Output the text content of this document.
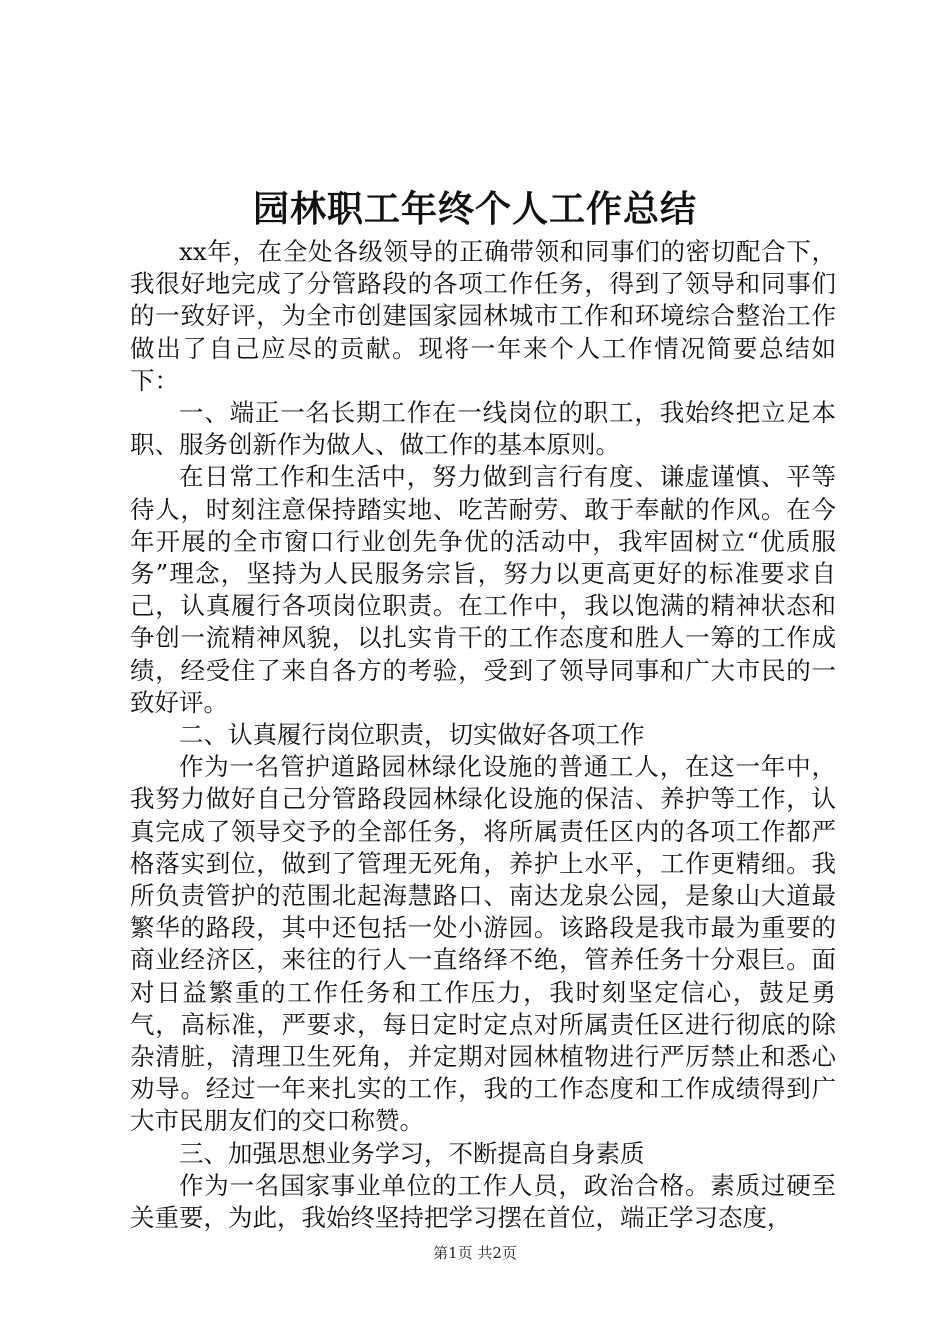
园林职工年终个人工作总结

xx年，在全处各级领导的正确带领和同事们的密切配合下，我很好地完成了分管路段的各项工作任务，得到了领导和同事们的一致好评，为全市创建国家园林城市工作和环境综合整治工作做出了自己应尽的贡献。现将一年来个人工作情况简要总结如下：

一、端正一名长期工作在一线岗位的职工，我始终把立足本职、服务创新作为做人、做工作的基本原则。

在日常工作和生活中，努力做到言行有度、谦虚谨慎、平等待人，时刻注意保持踏实地、吃苦耐劳、敢于奉献的作风。在今年开展的全市窗口行业创先争优的活动中，我牢固树立“优质服务”理念，坚持为人民服务宗旨，努力以更高更好的标准要求自己，认真履行各项岗位职责。在工作中，我以饱满的精神状态和争创一流精神风貌，以扎实肯干的工作态度和胜人一筹的工作成绩，经受住了来自各方的考验，受到了领导同事和广大市民的一致好评。

二、认真履行岗位职责，切实做好各项工作

作为一名管护道路园林绿化设施的普通工人，在这一年中，我努力做好自己分管路段园林绿化设施的保洁、养护等工作，认真完成了领导交予的全部任务，将所属责任区内的各项工作都严格落实到位，做到了管理无死角，养护上水平，工作更精细。我所负责管护的范围北起海慧路口、南达龙泉公园，是象山大道最繁华的路段，其中还包括一处小游园。该路段是我市最为重要的商业经济区，来往的行人一直络绎不绝，管养任务十分艰巨。面对日益繁重的工作任务和工作压力，我时刻坚定信心，鼓足勇气，高标准，严要求，每日定时定点对所属责任区进行彻底的除杂清脏，清理卫生死角，并定期对园林植物进行严厉禁止和悉心劝导。经过一年来扎实的工作，我的工作态度和工作成绩得到广大市民朋友们的交口称赞。

三、加强思想业务学习，不断提高自身素质

作为一名国家事业单位的工作人员，政治合格。素质过硬至关重要，为此，我始终坚持把学习摆在首位，端正学习态度，

第1页 共2页
